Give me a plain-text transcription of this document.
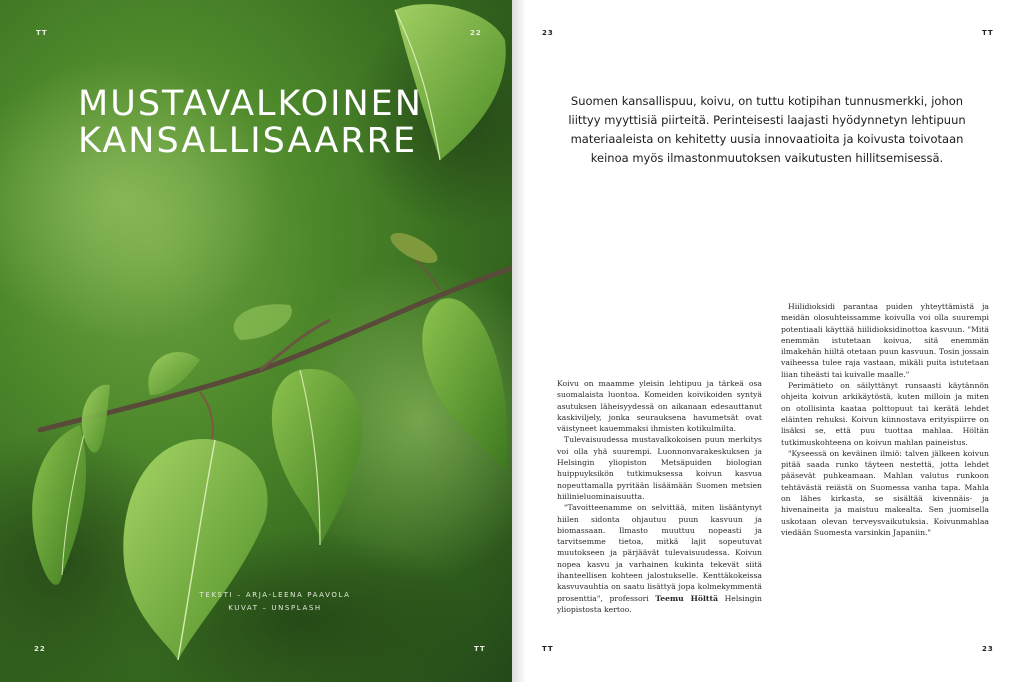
TT	22
22	TT
MUSTAVALKOINEN
KANSALLISAARRE
TEKSTI – ARJA-LEENA PAAVOLA
KUVAT – UNSPLASH
23	TT
TT	23

Suomen kansallispuu, koivu, on tuttu kotipihan tunnusmerkki, johon liittyy myyttisiä piirteitä. Perinteisesti laajasti hyödynnetyn lehtipuun materiaaleista on kehitetty uusia innovaatioita ja koivusta toivotaan keinoa myös ilmastonmuutoksen vaikutusten hillitsemisessä.

Koivu on maamme yleisin lehtipuu ja tärkeä osa suomalaista luontoa. Komeiden koivikoiden syntyä asutuksen läheisyydessä on aikanaan edesauttanut kaskiviljely, jonka seurauksena havumetsät ovat väistyneet kauemmaksi ihmisten kotikulmilta.

Tulevaisuudessa mustavalkokoisen puun merkitys voi olla yhä suurempi. Luonnonvarakeskuksen ja Helsingin yliopiston Metsäpuiden biologian huippuyksikön tutkimuksessa koivun kasvua nopeuttamalla pyritään lisäämään Suomen metsien hiilinieluominaisuutta.

"Tavoitteenamme on selvittää, miten lisääntynyt hiilen sidonta ohjautuu puun kasvuun ja biomassaan. Ilmasto muuttuu nopeasti ja tarvitsemme tietoa, mitkä lajit sopeutuvat muutokseen ja pärjäävät tulevaisuudessa. Koivun nopea kasvu ja varhainen kukinta tekevät siitä ihanteellisen kohteen jalostukselle. Kenttäkokeissa kasvuvauhtia on saatu lisättyä jopa kolmekymmentä prosenttia", professori Teemu Hölttä Helsingin yliopistosta kertoo.

Hiilidioksidi parantaa puiden yhteyttämistä ja meidän olosuhteissamme koivulla voi olla suurempi potentiaali käyttää hiilidioksidinottoa kasvuun. "Mitä enemmän istutetaan koivua, sitä enemmän ilmakehän hiiltä otetaan puun kasvuun. Tosin jossain vaiheessa tulee raja vastaan, mikäli puita istutetaan liian tiheästi tai kuivalle maalle."

Perimätieto on säilyttänyt runsaasti käytännön ohjeita koivun arkikäytöstä, kuten milloin ja miten on otollisinta kaataa polttopuut tai kerätä lehdet eläinten rehuksi. Koivun kiinnostava erityispiirre on lisäksi se, että puu tuottaa mahlaa. Höltän tutkimuskohteena on koivun mahlan paineistus.

"Kyseessä on keväinen ilmiö: talven jälkeen koivun pitää saada runko täyteen nestettä, jotta lehdet pääsevät puhkeamaan. Mahlan valutus runkoon tehtävästä reiästä on Suomessa vanha tapa. Mahla on lähes kirkasta, se sisältää kivennäis- ja hivenaineita ja maistuu makealta. Sen juomisella uskotaan olevan terveysvaikutuksia. Koivunmahlaa viedään Suomesta varsinkin Japaniin."
